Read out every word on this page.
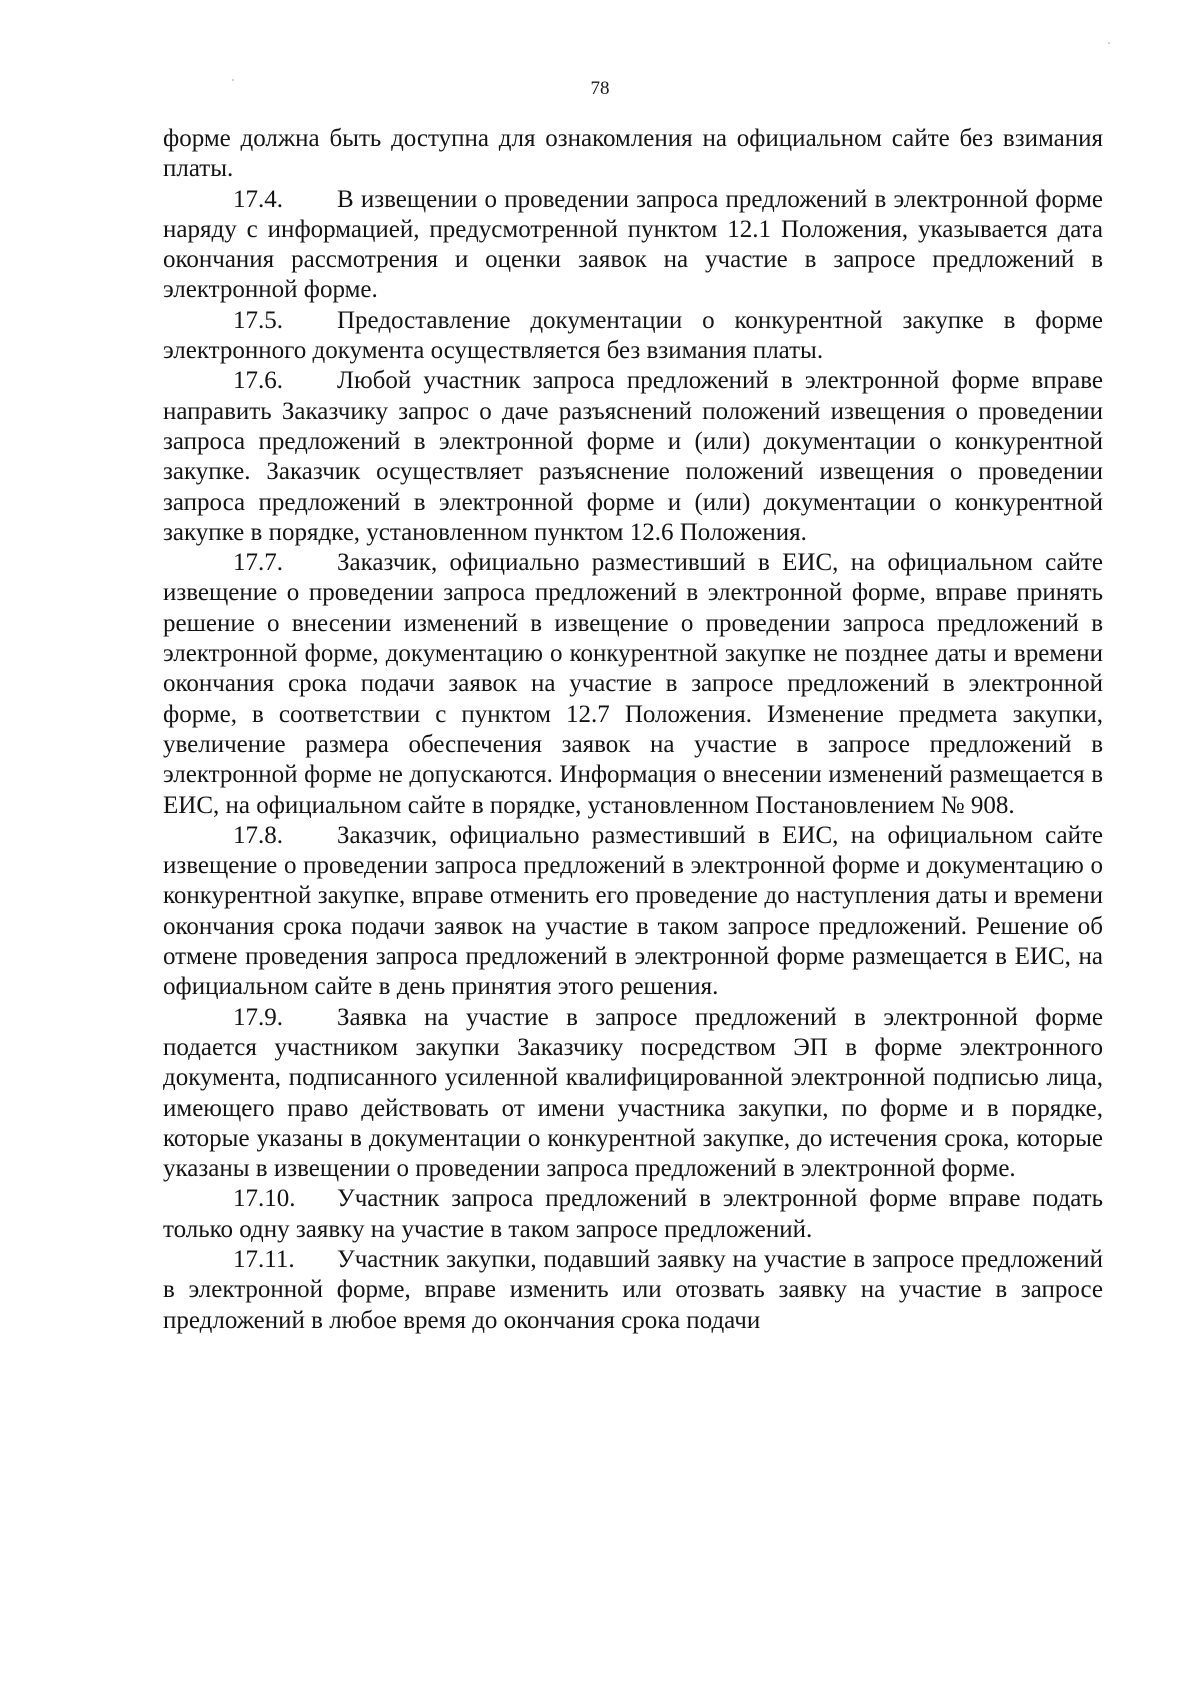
78

форме должна быть доступна для ознакомления на официальном сайте без взимания платы.

17.4. В извещении о проведении запроса предложений в электронной форме наряду с информацией, предусмотренной пунктом 12.1 Положения, указывается дата окончания рассмотрения и оценки заявок на участие в запросе предложений в электронной форме.

17.5. Предоставление документации о конкурентной закупке в форме электронного документа осуществляется без взимания платы.

17.6. Любой участник запроса предложений в электронной форме вправе направить Заказчику запрос о даче разъяснений положений извещения о проведении запроса предложений в электронной форме и (или) документации о конкурентной закупке. Заказчик осуществляет разъяснение положений извещения о проведении запроса предложений в электронной форме и (или) документации о конкурентной закупке в порядке, установленном пунктом 12.6 Положения.

17.7. Заказчик, официально разместивший в ЕИС, на официальном сайте извещение о проведении запроса предложений в электронной форме, вправе принять решение о внесении изменений в извещение о проведении запроса предложений в электронной форме, документацию о конкурентной закупке не позднее даты и времени окончания срока подачи заявок на участие в запросе предложений в электронной форме, в соответствии с пунктом 12.7 Положения. Изменение предмета закупки, увеличение размера обеспечения заявок на участие в запросе предложений в электронной форме не допускаются. Информация о внесении изменений размещается в ЕИС, на официальном сайте в порядке, установленном Постановлением № 908.

17.8. Заказчик, официально разместивший в ЕИС, на официальном сайте извещение о проведении запроса предложений в электронной форме и документацию о конкурентной закупке, вправе отменить его проведение до наступления даты и времени окончания срока подачи заявок на участие в таком запросе предложений. Решение об отмене проведения запроса предложений в электронной форме размещается в ЕИС, на официальном сайте в день принятия этого решения.

17.9. Заявка на участие в запросе предложений в электронной форме подается участником закупки Заказчику посредством ЭП в форме электронного документа, подписанного усиленной квалифицированной электронной подписью лица, имеющего право действовать от имени участника закупки, по форме и в порядке, которые указаны в документации о конкурентной закупке, до истечения срока, которые указаны в извещении о проведении запроса предложений в электронной форме.

17.10. Участник запроса предложений в электронной форме вправе подать только одну заявку на участие в таком запросе предложений.

17.11. Участник закупки, подавший заявку на участие в запросе предложений в электронной форме, вправе изменить или отозвать заявку на участие в запросе предложений в любое время до окончания срока подачи
